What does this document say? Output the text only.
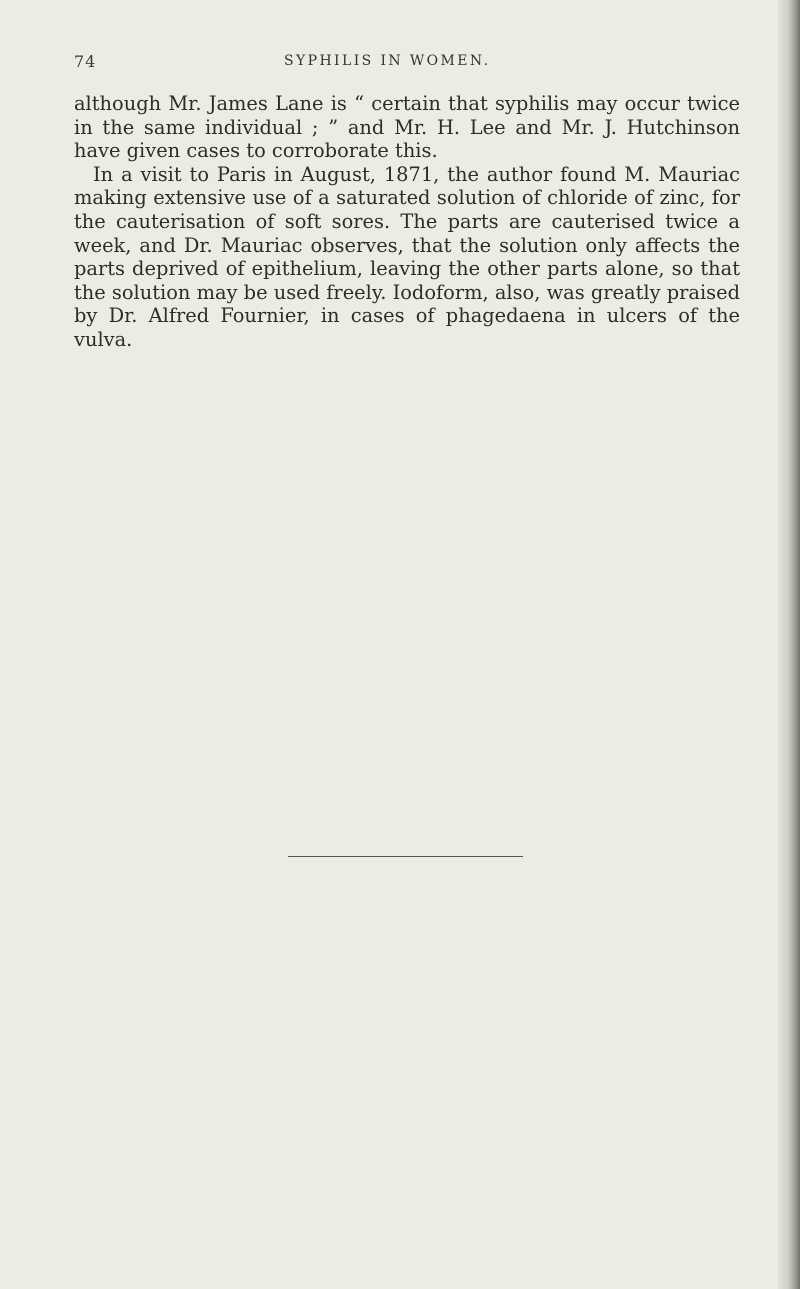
74	SYPHILIS IN WOMEN.

although Mr. James Lane is “ certain that syphilis may occur twice in the same individual ; ” and Mr. H. Lee and Mr. J. Hutchinson have given cases to corroborate this.

In a visit to Paris in August, 1871, the author found M. Mauriac making extensive use of a saturated solution of chloride of zinc, for the cauterisation of soft sores. The parts are cauterised twice a week, and Dr. Mauriac observes, that the solution only affects the parts deprived of epithelium, leaving the other parts alone, so that the solution may be used freely. Iodoform, also, was greatly praised by Dr. Alfred Fournier, in cases of phagedaena in ulcers of the vulva.
